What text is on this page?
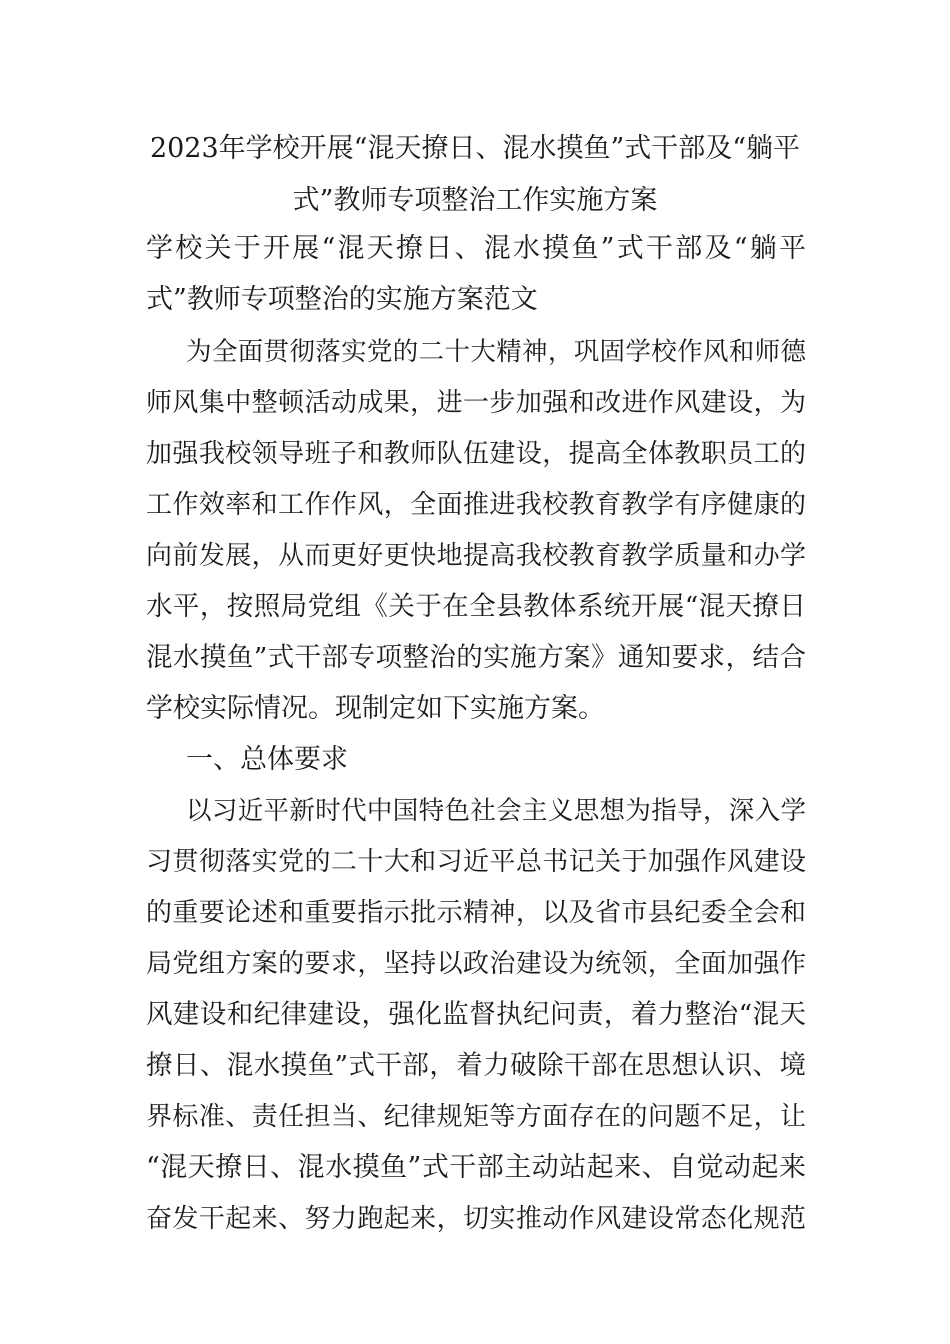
2023年学校开展“混天撩日、混水摸鱼”式干部及“躺平
式”教师专项整治工作实施方案
学校关于开展“混天撩日、混水摸鱼”式干部及“躺平
式”教师专项整治的实施方案范文
为全面贯彻落实党的二十大精神，巩固学校作风和师德
师风集中整顿活动成果，进一步加强和改进作风建设，为
加强我校领导班子和教师队伍建设，提高全体教职员工的
工作效率和工作作风，全面推进我校教育教学有序健康的
向前发展，从而更好更快地提高我校教育教学质量和办学
水平，按照局党组《关于在全县教体系统开展“混天撩日
混水摸鱼”式干部专项整治的实施方案》通知要求，结合
学校实际情况。现制定如下实施方案。
一、总体要求
以习近平新时代中国特色社会主义思想为指导，深入学
习贯彻落实党的二十大和习近平总书记关于加强作风建设
的重要论述和重要指示批示精神，以及省市县纪委全会和
局党组方案的要求，坚持以政治建设为统领，全面加强作
风建设和纪律建设，强化监督执纪问责，着力整治“混天
撩日、混水摸鱼”式干部，着力破除干部在思想认识、境
界标准、责任担当、纪律规矩等方面存在的问题不足，让
“混天撩日、混水摸鱼”式干部主动站起来、自觉动起来
奋发干起来、努力跑起来，切实推动作风建设常态化规范
